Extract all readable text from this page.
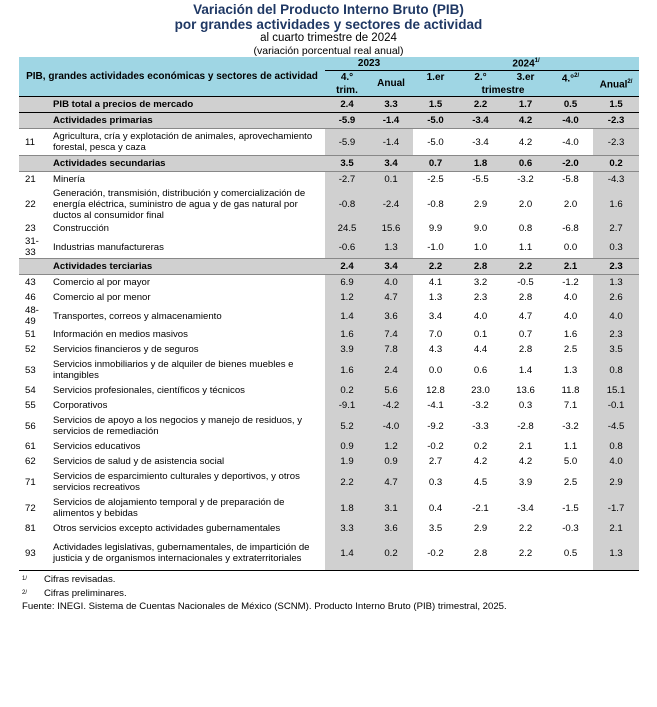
Variación del Producto Interno Bruto (PIB)
por grandes actividades y sectores de actividad
al cuarto trimestre de 2024
(variación porcentual real anual)
PIB, grandes actividades económicas y sectores de actividad		2023		$2024^{1/}$
		4.°	Anual	1.er	2.°	3.er	4.°$^{2/}$	Anual$^{2/}$
		trim.		trimestre				
	PIB total a precios de mercado	2.4	3.3	1.5	2.2	1.7	0.5	1.5
	Actividades primarias	-5.9	-1.4	-5.0	-3.4	4.2	-4.0	-2.3
11	Agricultura, cría y explotación de animales, aprovechamiento forestal, pesca y caza	-5.9	-1.4	-5.0	-3.4	4.2	-4.0	-2.3
	Actividades secundarias	3.5	3.4	0.7	1.8	0.6	-2.0	0.2
21	Minería	-2.7	0.1	-2.5	-5.5	-3.2	-5.8	-4.3
22	Generación, transmisión, distribución y comercialización de energía eléctrica, suministro de agua y de gas natural por ductos al consumidor final	-0.8	-2.4	-0.8	2.9	2.0	2.0	1.6
23	Construcción	24.5	15.6	9.9	9.0	0.8	-6.8	2.7
31-33	Industrias manufactureras	-0.6	1.3	-1.0	1.0	1.1	0.0	0.3
	Actividades terciarias	2.4	3.4	2.2	2.8	2.2	2.1	2.3
43	Comercio al por mayor	6.9	4.0	4.1	3.2	-0.5	-1.2	1.3
46	Comercio al por menor	1.2	4.7	1.3	2.3	2.8	4.0	2.6
48-49	Transportes, correos y almacenamiento	1.4	3.6	3.4	4.0	4.7	4.0	4.0
51	Información en medios masivos	1.6	7.4	7.0	0.1	0.7	1.6	2.3
52	Servicios financieros y de seguros	3.9	7.8	4.3	4.4	2.8	2.5	3.5
53	Servicios inmobiliarios y de alquiler de bienes muebles e intangibles	1.6	2.4	0.0	0.6	1.4	1.3	0.8
54	Servicios profesionales, científicos y técnicos	0.2	5.6	12.8	23.0	13.6	11.8	15.1
55	Corporativos	-9.1	-4.2	-4.1	-3.2	0.3	7.1	-0.1
56	Servicios de apoyo a los negocios y manejo de residuos, y servicios de remediación	5.2	-4.0	-9.2	-3.3	-2.8	-3.2	-4.5
61	Servicios educativos	0.9	1.2	-0.2	0.2	2.1	1.1	0.8
62	Servicios de salud y de asistencia social	1.9	0.9	2.7	4.2	4.2	5.0	4.0
71	Servicios de esparcimiento culturales y deportivos, y otros servicios recreativos	2.2	4.7	0.3	4.5	3.9	2.5	2.9
72	Servicios de alojamiento temporal y de preparación de alimentos y bebidas	1.8	3.1	0.4	-2.1	-3.4	-1.5	-1.7
81	Otros servicios excepto actividades gubernamentales	3.3	3.6	3.5	2.9	2.2	-0.3	2.1
93	Actividades legislativas, gubernamentales, de impartición de justicia y de organismos internacionales y extraterritoriales	1.4	0.2	-0.2	2.8	2.2	0.5	1.3
$^{1/}$	Cifras revisadas.
$^{2/}$	Cifras preliminares.
Fuente: INEGI. Sistema de Cuentas Nacionales de México (SCNM). Producto Interno Bruto (PIB) trimestral, 2025.
